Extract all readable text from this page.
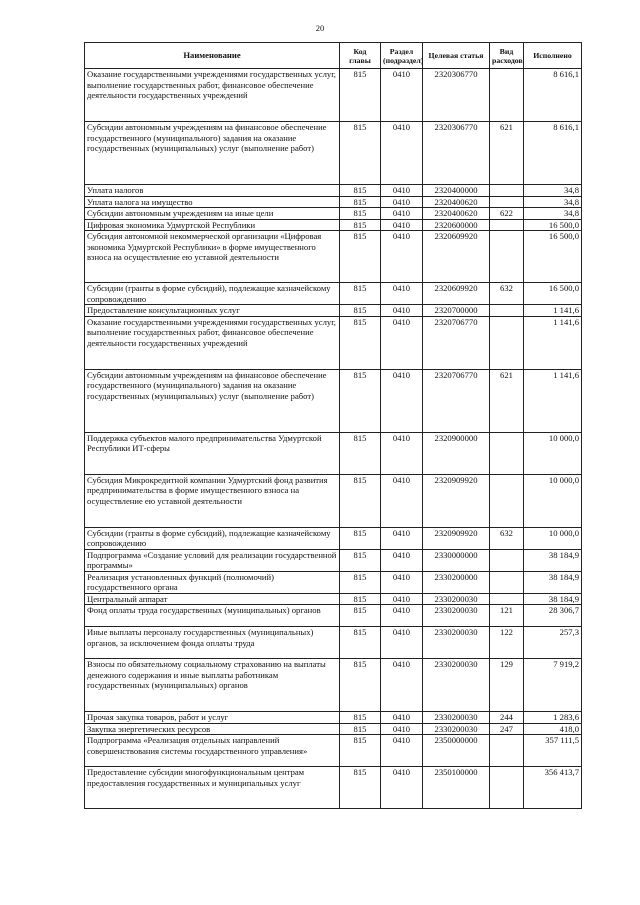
20
Наименование	Код главы	Раздел (подраздел)	Целевая статья	Вид расходов	Исполнено
Оказание государственными учреждениями государственных услуг, выполнение государственных работ, финансовое обеспечение деятельности государственных учреждений	815	0410	2320306770		8 616,1
Субсидии автономным учреждениям на финансовое обеспечение государственного (муниципального) задания на оказание государственных (муниципальных) услуг (выполнение работ)	815	0410	2320306770	621	8 616,1
Уплата налогов	815	0410	2320400000		34,8
Уплата налога на имущество	815	0410	2320400620		34,8
Субсидии автономным учреждениям на иные цели	815	0410	2320400620	622	34,8
Цифровая экономика Удмуртской Республики	815	0410	2320600000		16 500,0
Субсидия автономной некоммерческой организации «Цифровая экономика Удмуртской Республики» в форме имущественного взноса на осуществление ею уставной деятельности	815	0410	2320609920		16 500,0
Субсидии (гранты в форме субсидий), подлежащие казначейскому сопровождению	815	0410	2320609920	632	16 500,0
Предоставление консультационных услуг	815	0410	2320700000		1 141,6
Оказание государственными учреждениями государственных услуг, выполнение государственных работ, финансовое обеспечение деятельности государственных учреждений	815	0410	2320706770		1 141,6
Субсидии автономным учреждениям на финансовое обеспечение государственного (муниципального) задания на оказание государственных (муниципальных) услуг (выполнение работ)	815	0410	2320706770	621	1 141,6
Поддержка субъектов малого предпринимательства Удмуртской Республики ИТ-сферы	815	0410	2320900000		10 000,0
Субсидия Микрокредитной компании Удмуртский фонд развития предпринимательства в форме имущественного взноса на осуществление ею уставной деятельности	815	0410	2320909920		10 000,0
Субсидии (гранты в форме субсидий), подлежащие казначейскому сопровождению	815	0410	2320909920	632	10 000,0
Подпрограмма «Создание условий для реализации государственной программы»	815	0410	2330000000		38 184,9
Реализация установленных функций (полномочий) государственного органа	815	0410	2330200000		38 184,9
Центральный аппарат	815	0410	2330200030		38 184,9
Фонд оплаты труда государственных (муниципальных) органов	815	0410	2330200030	121	28 306,7
Иные выплаты персоналу государственных (муниципальных) органов, за исключением фонда оплаты труда	815	0410	2330200030	122	257,3
Взносы по обязательному социальному страхованию на выплаты денежного содержания и иные выплаты работникам государственных (муниципальных) органов	815	0410	2330200030	129	7 919,2
Прочая закупка товаров, работ и услуг	815	0410	2330200030	244	1 283,6
Закупка энергетических ресурсов	815	0410	2330200030	247	418,0
Подпрограмма «Реализация отдельных направлений совершенствования системы государственного управления»	815	0410	2350000000		357 111,5
Предоставление субсидии многофункциональным центрам предоставления государственных и муниципальных услуг	815	0410	2350100000		356 413,7
